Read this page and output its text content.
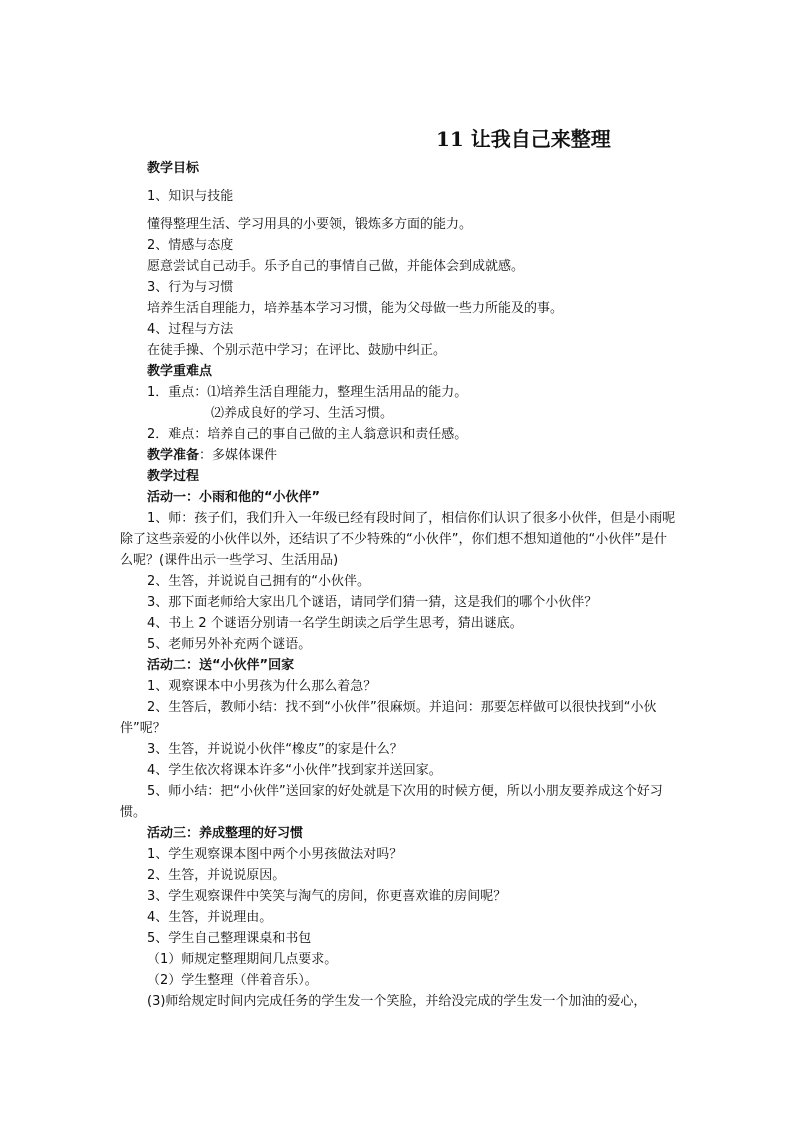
11 让我自己来整理

教学目标

1、知识与技能

懂得整理生活、学习用具的小要领，锻炼多方面的能力。

2、情感与态度

愿意尝试自己动手。乐予自己的事情自己做，并能体会到成就感。

3、行为与习惯

培养生活自理能力，培养基本学习习惯，能为父母做一些力所能及的事。

4、过程与方法

在徒手操、个别示范中学习；在评比、鼓励中纠正。

教学重难点

1．重点：⑴培养生活自理能力，整理生活用品的能力。

⑵养成良好的学习、生活习惯。

2．难点：培养自己的事自己做的主人翁意识和责任感。

教学准备：多媒体课件

教学过程

活动一：小雨和他的“小伙伴”

1、师：孩子们，我们升入一年级已经有段时间了，相信你们认识了很多小伙伴，但是小雨呢除了这些亲爱的小伙伴以外，还结识了不少特殊的“小伙伴”，你们想不想知道他的“小伙伴”是什么呢？(课件出示一些学习、生活用品)

2、生答，并说说自己拥有的“小伙伴。

3、那下面老师给大家出几个谜语，请同学们猜一猜，这是我们的哪个小伙伴？

4、书上 2 个谜语分别请一名学生朗读之后学生思考，猜出谜底。

5、老师另外补充两个谜语。

活动二：送“小伙伴”回家

1、观察课本中小男孩为什么那么着急？

2、生答后，教师小结：找不到“小伙伴”很麻烦。并追问：那要怎样做可以很快找到“小伙伴”呢？

3、生答，并说说小伙伴“橡皮”的家是什么？

4、学生依次将课本许多“小伙伴”找到家并送回家。

5、师小结：把“小伙伴”送回家的好处就是下次用的时候方便，所以小朋友要养成这个好习惯。

活动三：养成整理的好习惯

1、学生观察课本图中两个小男孩做法对吗？

2、生答，并说说原因。

3、学生观察课件中笑笑与淘气的房间，你更喜欢谁的房间呢？

4、生答，并说理由。

5、学生自己整理课桌和书包

（1）师规定整理期间几点要求。

（2）学生整理（伴着音乐）。

(3)师给规定时间内完成任务的学生发一个笑脸，并给没完成的学生发一个加油的爱心，
